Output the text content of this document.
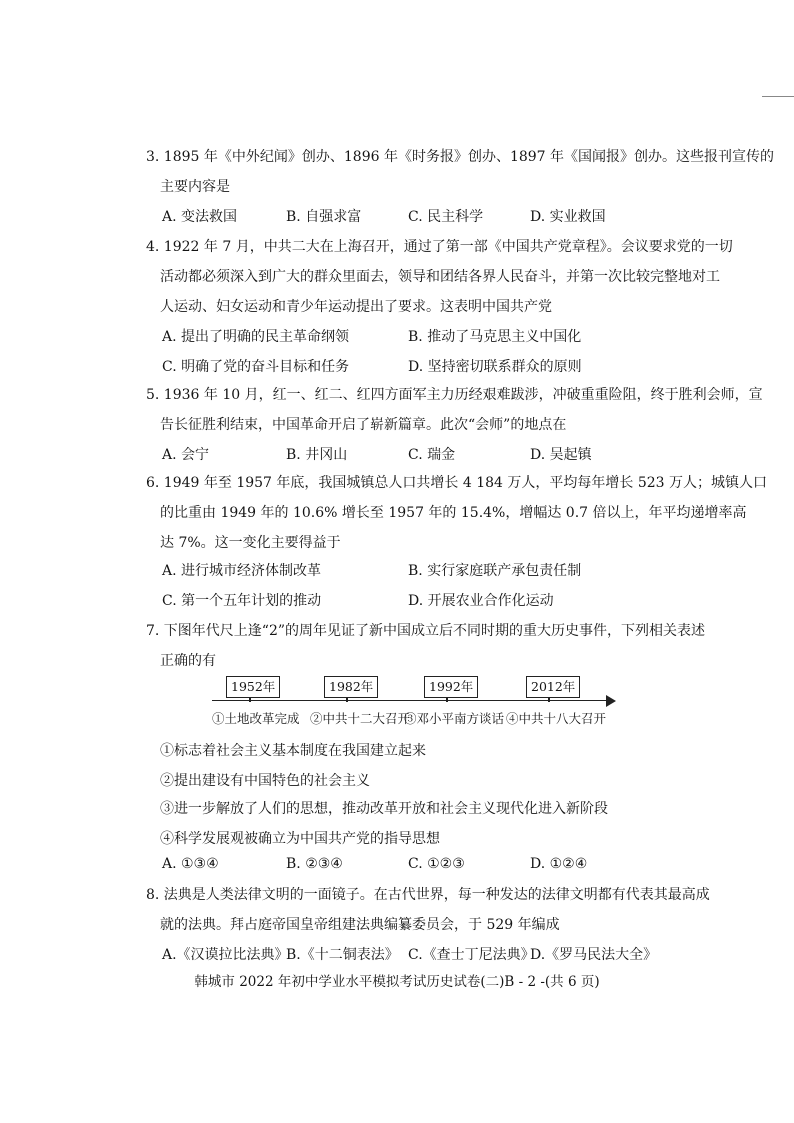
3. 1895 年《中外纪闻》创办、1896 年《时务报》创办、1897 年《国闻报》创办。这些报刊宣传的
主要内容是
A. 变法救国	B. 自强求富	C. 民主科学	D. 实业救国
4. 1922 年 7 月，中共二大在上海召开，通过了第一部《中国共产党章程》。会议要求党的一切
活动都必须深入到广大的群众里面去，领导和团结各界人民奋斗，并第一次比较完整地对工
人运动、妇女运动和青少年运动提出了要求。这表明中国共产党
A. 提出了明确的民主革命纲领	B. 推动了马克思主义中国化
C. 明确了党的奋斗目标和任务	D. 坚持密切联系群众的原则
5. 1936 年 10 月，红一、红二、红四方面军主力历经艰难跋涉，冲破重重险阻，终于胜利会师，宣
告长征胜利结束，中国革命开启了崭新篇章。此次“会师”的地点在
A. 会宁	B. 井冈山	C. 瑞金	D. 吴起镇
6. 1949 年至 1957 年底，我国城镇总人口共增长 4 184 万人，平均每年增长 523 万人；城镇人口
的比重由 1949 年的 10.6% 增长至 1957 年的 15.4%，增幅达 0.7 倍以上，年平均递增率高
达 7%。这一变化主要得益于
A. 进行城市经济体制改革	B. 实行家庭联产承包责任制
C. 第一个五年计划的推动	D. 开展农业合作化运动
7. 下图年代尺上逢“2”的周年见证了新中国成立后不同时期的重大历史事件，下列相关表述
正确的有
1952年
①土地改革完成
1982年
②中共十二大召开
1992年
③邓小平南方谈话
2012年
④中共十八大召开
①标志着社会主义基本制度在我国建立起来
②提出建设有中国特色的社会主义
③进一步解放了人们的思想，推动改革开放和社会主义现代化进入新阶段
④科学发展观被确立为中国共产党的指导思想
A. ①③④	B. ②③④	C. ①②③	D. ①②④
8. 法典是人类法律文明的一面镜子。在古代世界，每一种发达的法律文明都有代表其最高成
就的法典。拜占庭帝国皇帝组建法典编纂委员会，于 529 年编成
A.《汉谟拉比法典》
B.《十二铜表法》 C.《查士丁尼法典》
D.《罗马民法大全》
韩城市 2022 年初中学业水平模拟考试历史试卷(二)B - 2 -(共 6 页)
